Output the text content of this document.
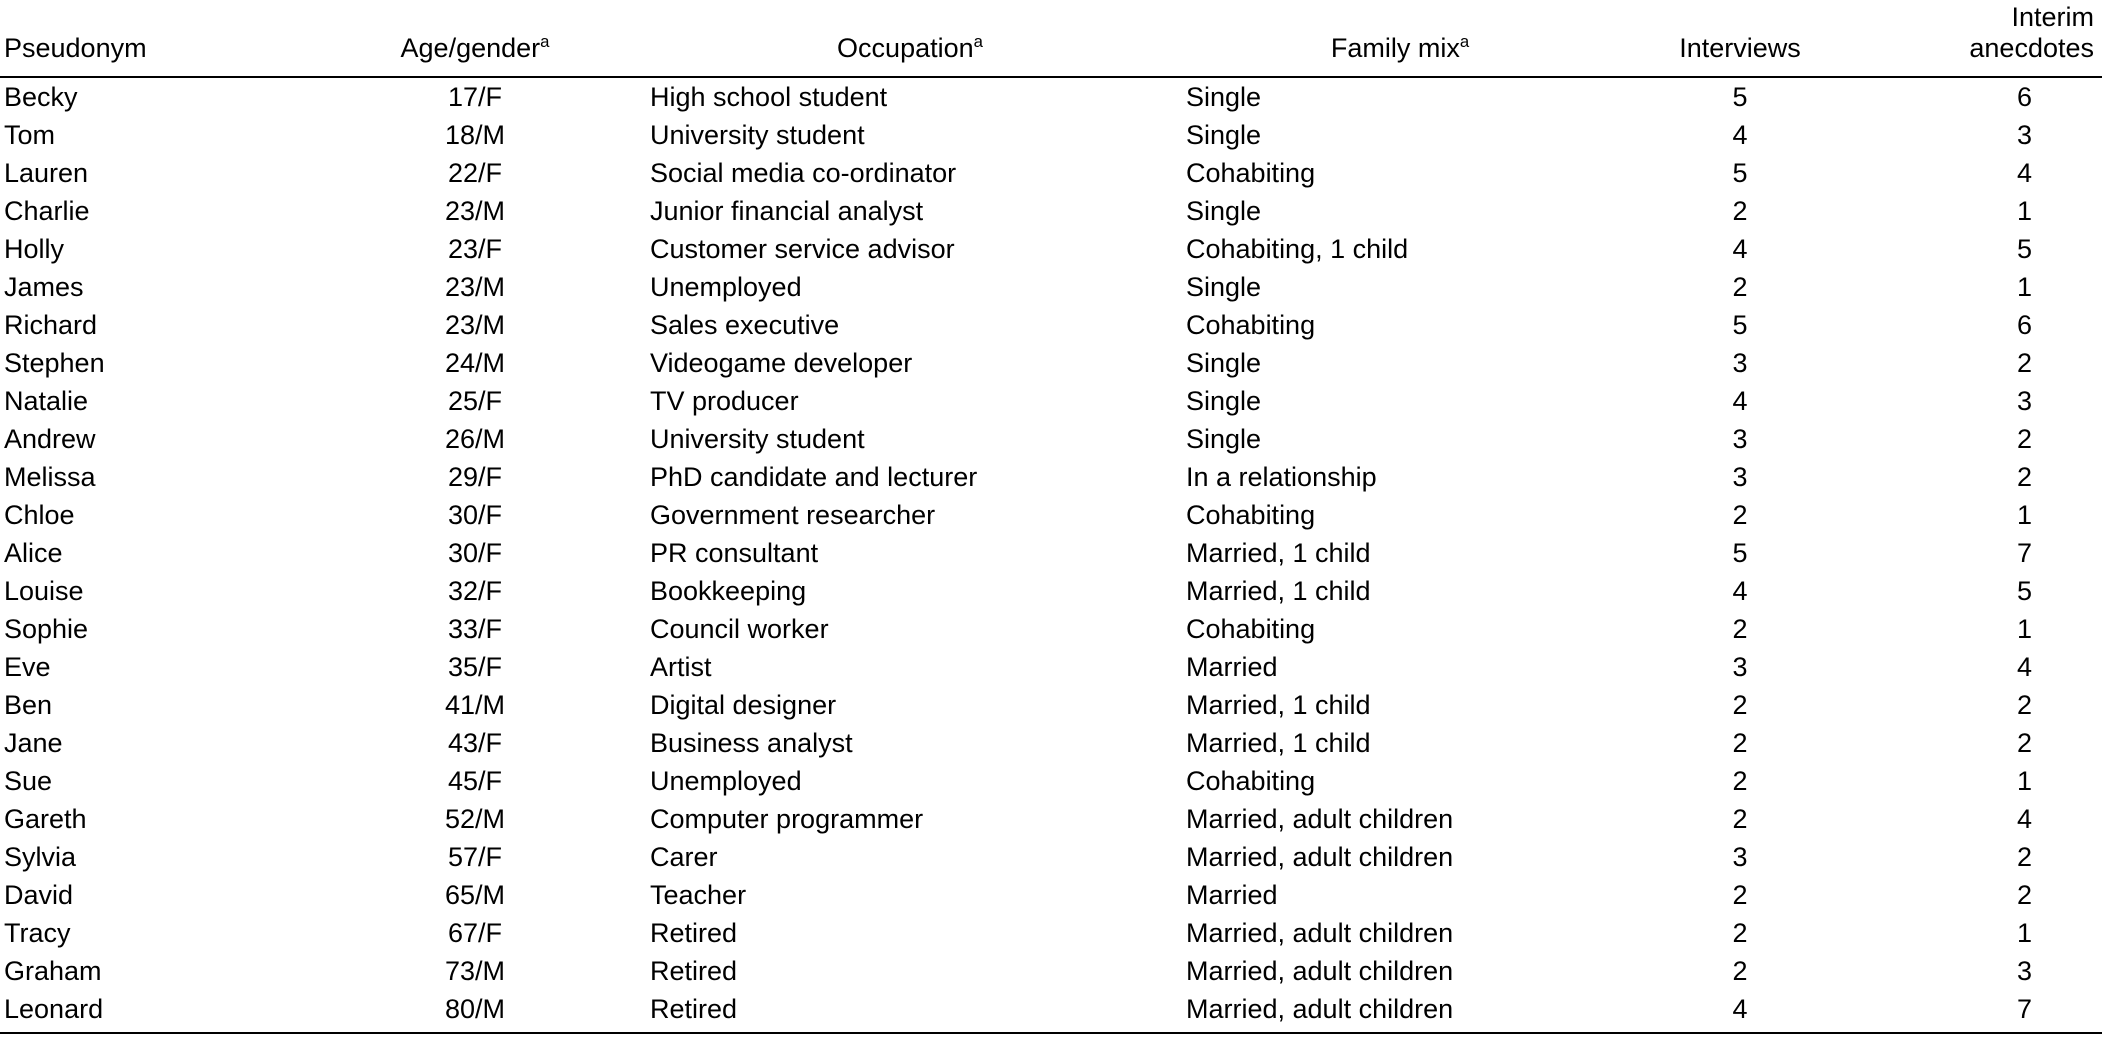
Pseudonym	Age/gender$^a$	Occupation$^a$	Family mix$^a$	Interviews	Interim
anecdotes

Becky	17/F	High school student	Single	5	6
Tom	18/M	University student	Single	4	3
Lauren	22/F	Social media co-ordinator	Cohabiting	5	4
Charlie	23/M	Junior financial analyst	Single	2	1
Holly	23/F	Customer service advisor	Cohabiting, 1 child	4	5
James	23/M	Unemployed	Single	2	1
Richard	23/M	Sales executive	Cohabiting	5	6
Stephen	24/M	Videogame developer	Single	3	2
Natalie	25/F	TV producer	Single	4	3
Andrew	26/M	University student	Single	3	2
Melissa	29/F	PhD candidate and lecturer	In a relationship	3	2
Chloe	30/F	Government researcher	Cohabiting	2	1
Alice	30/F	PR consultant	Married, 1 child	5	7
Louise	32/F	Bookkeeping	Married, 1 child	4	5
Sophie	33/F	Council worker	Cohabiting	2	1
Eve	35/F	Artist	Married	3	4
Ben	41/M	Digital designer	Married, 1 child	2	2
Jane	43/F	Business analyst	Married, 1 child	2	2
Sue	45/F	Unemployed	Cohabiting	2	1
Gareth	52/M	Computer programmer	Married, adult children	2	4
Sylvia	57/F	Carer	Married, adult children	3	2
David	65/M	Teacher	Married	2	2
Tracy	67/F	Retired	Married, adult children	2	1
Graham	73/M	Retired	Married, adult children	2	3
Leonard	80/M	Retired	Married, adult children	4	7
